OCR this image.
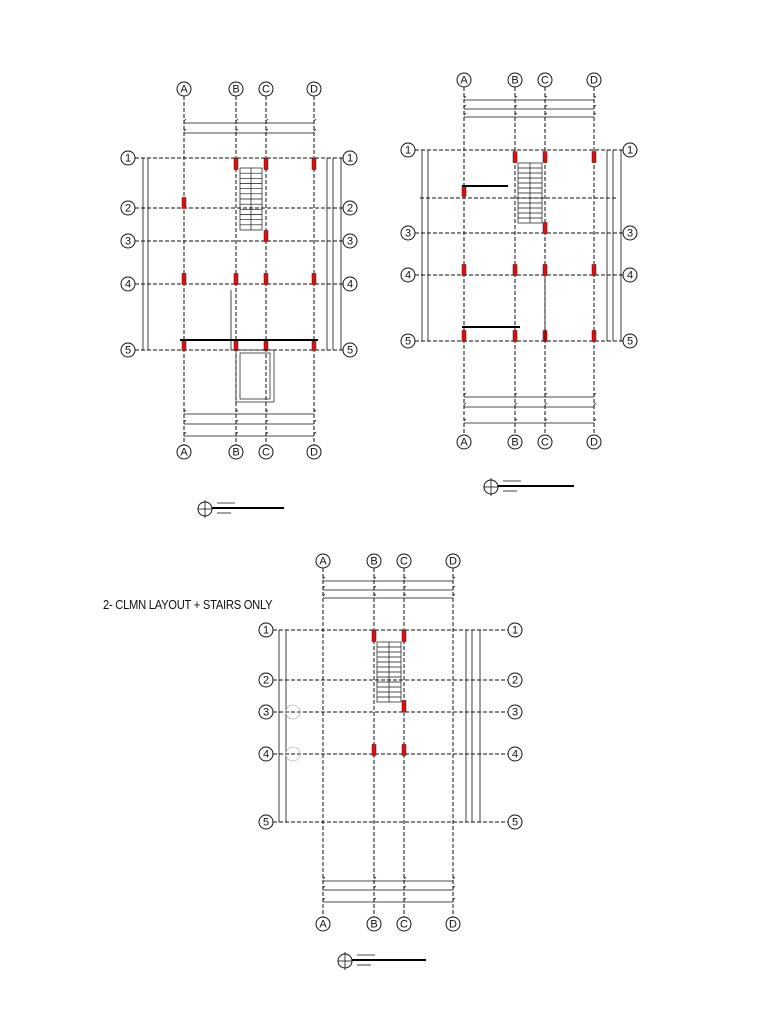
A
A
B
B
C
C
D
D
1	1
2	2
3	3
4	4
5	5
A
A
B
B
C
C
D
D
1	1
3	3
4	4
5	5
A
A
B
B
C
C
D
D
1	1
2	2
3	3
4	4
5	5
2- CLMN LAYOUT + STAIRS ONLY
